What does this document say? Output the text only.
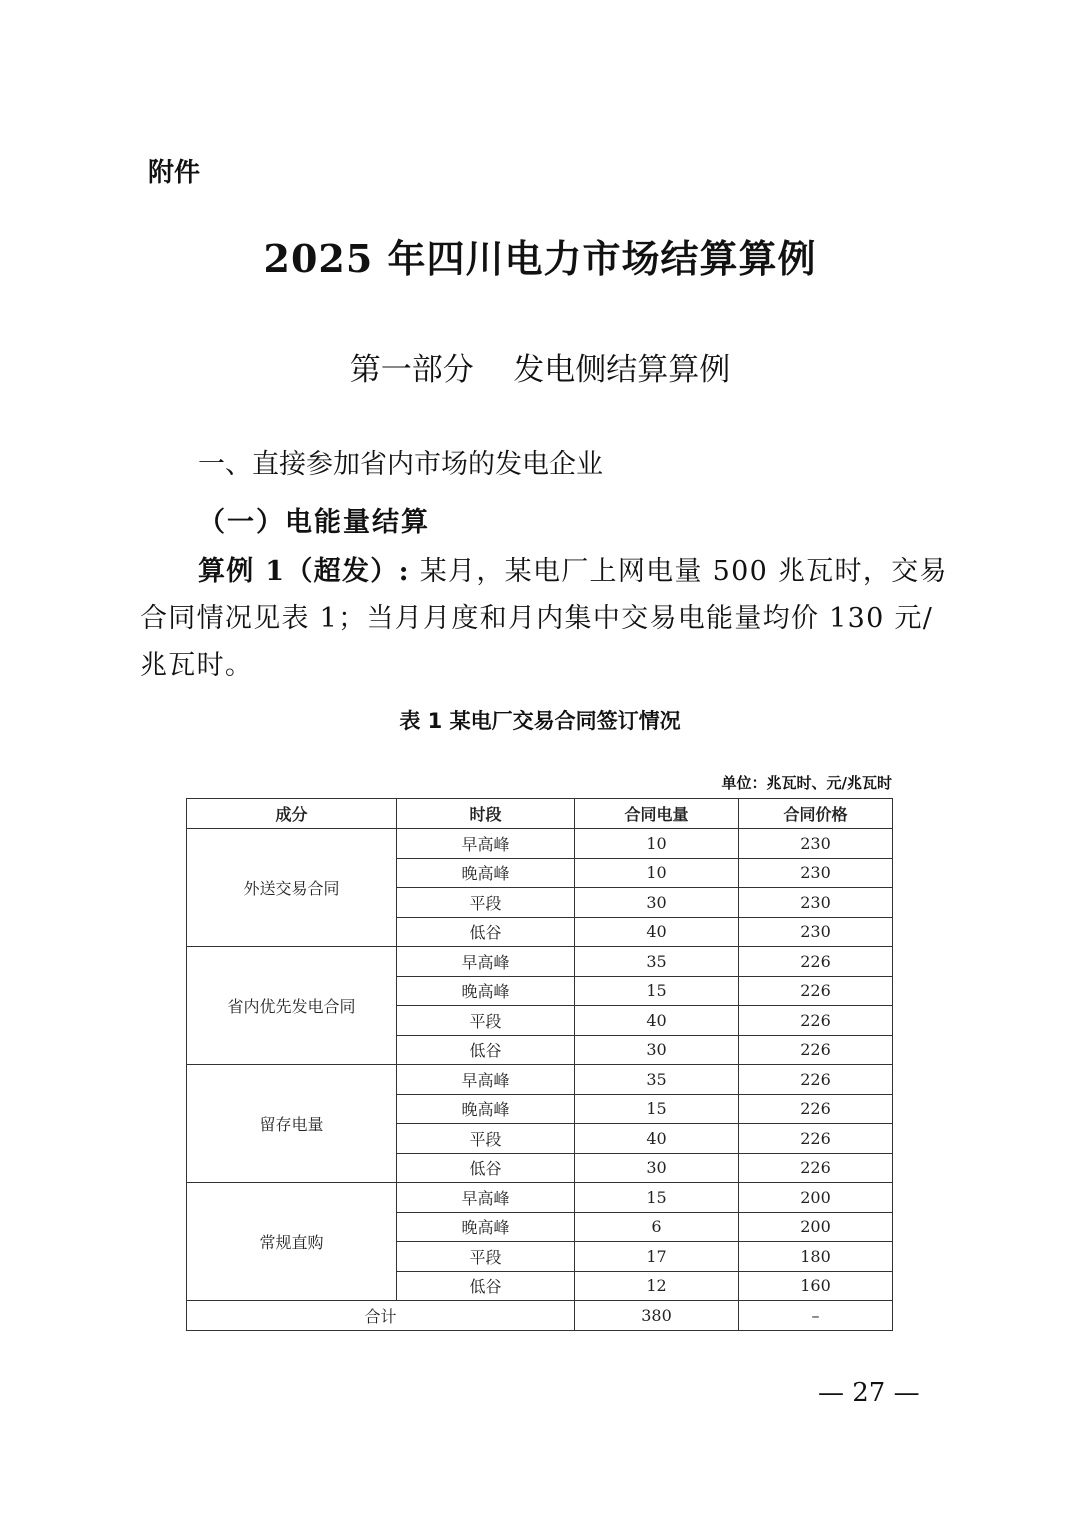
附件
2025 年四川电力市场结算算例
第一部分    发电侧结算算例
一、直接参加省内市场的发电企业
（一）电能量结算

算例 1（超发）: 某月，某电厂上网电量 500 兆瓦时，交易合同情况见表 1；当月月度和月内集中交易电能量均价 130 元/兆瓦时。

表 1 某电厂交易合同签订情况
单位：兆瓦时、元/兆瓦时
成分	时段	合同电量	合同价格
外送交易合同	早高峰	10	230
	晚高峰	10	230
	平段	30	230
	低谷	40	230
省内优先发电合同	早高峰	35	226
	晚高峰	15	226
	平段	40	226
	低谷	30	226
留存电量	早高峰	35	226
	晚高峰	15	226
	平段	40	226
	低谷	30	226
常规直购	早高峰	15	200
	晚高峰	6	200
	平段	17	180
	低谷	12	160
合计		380	–
— 27 —
